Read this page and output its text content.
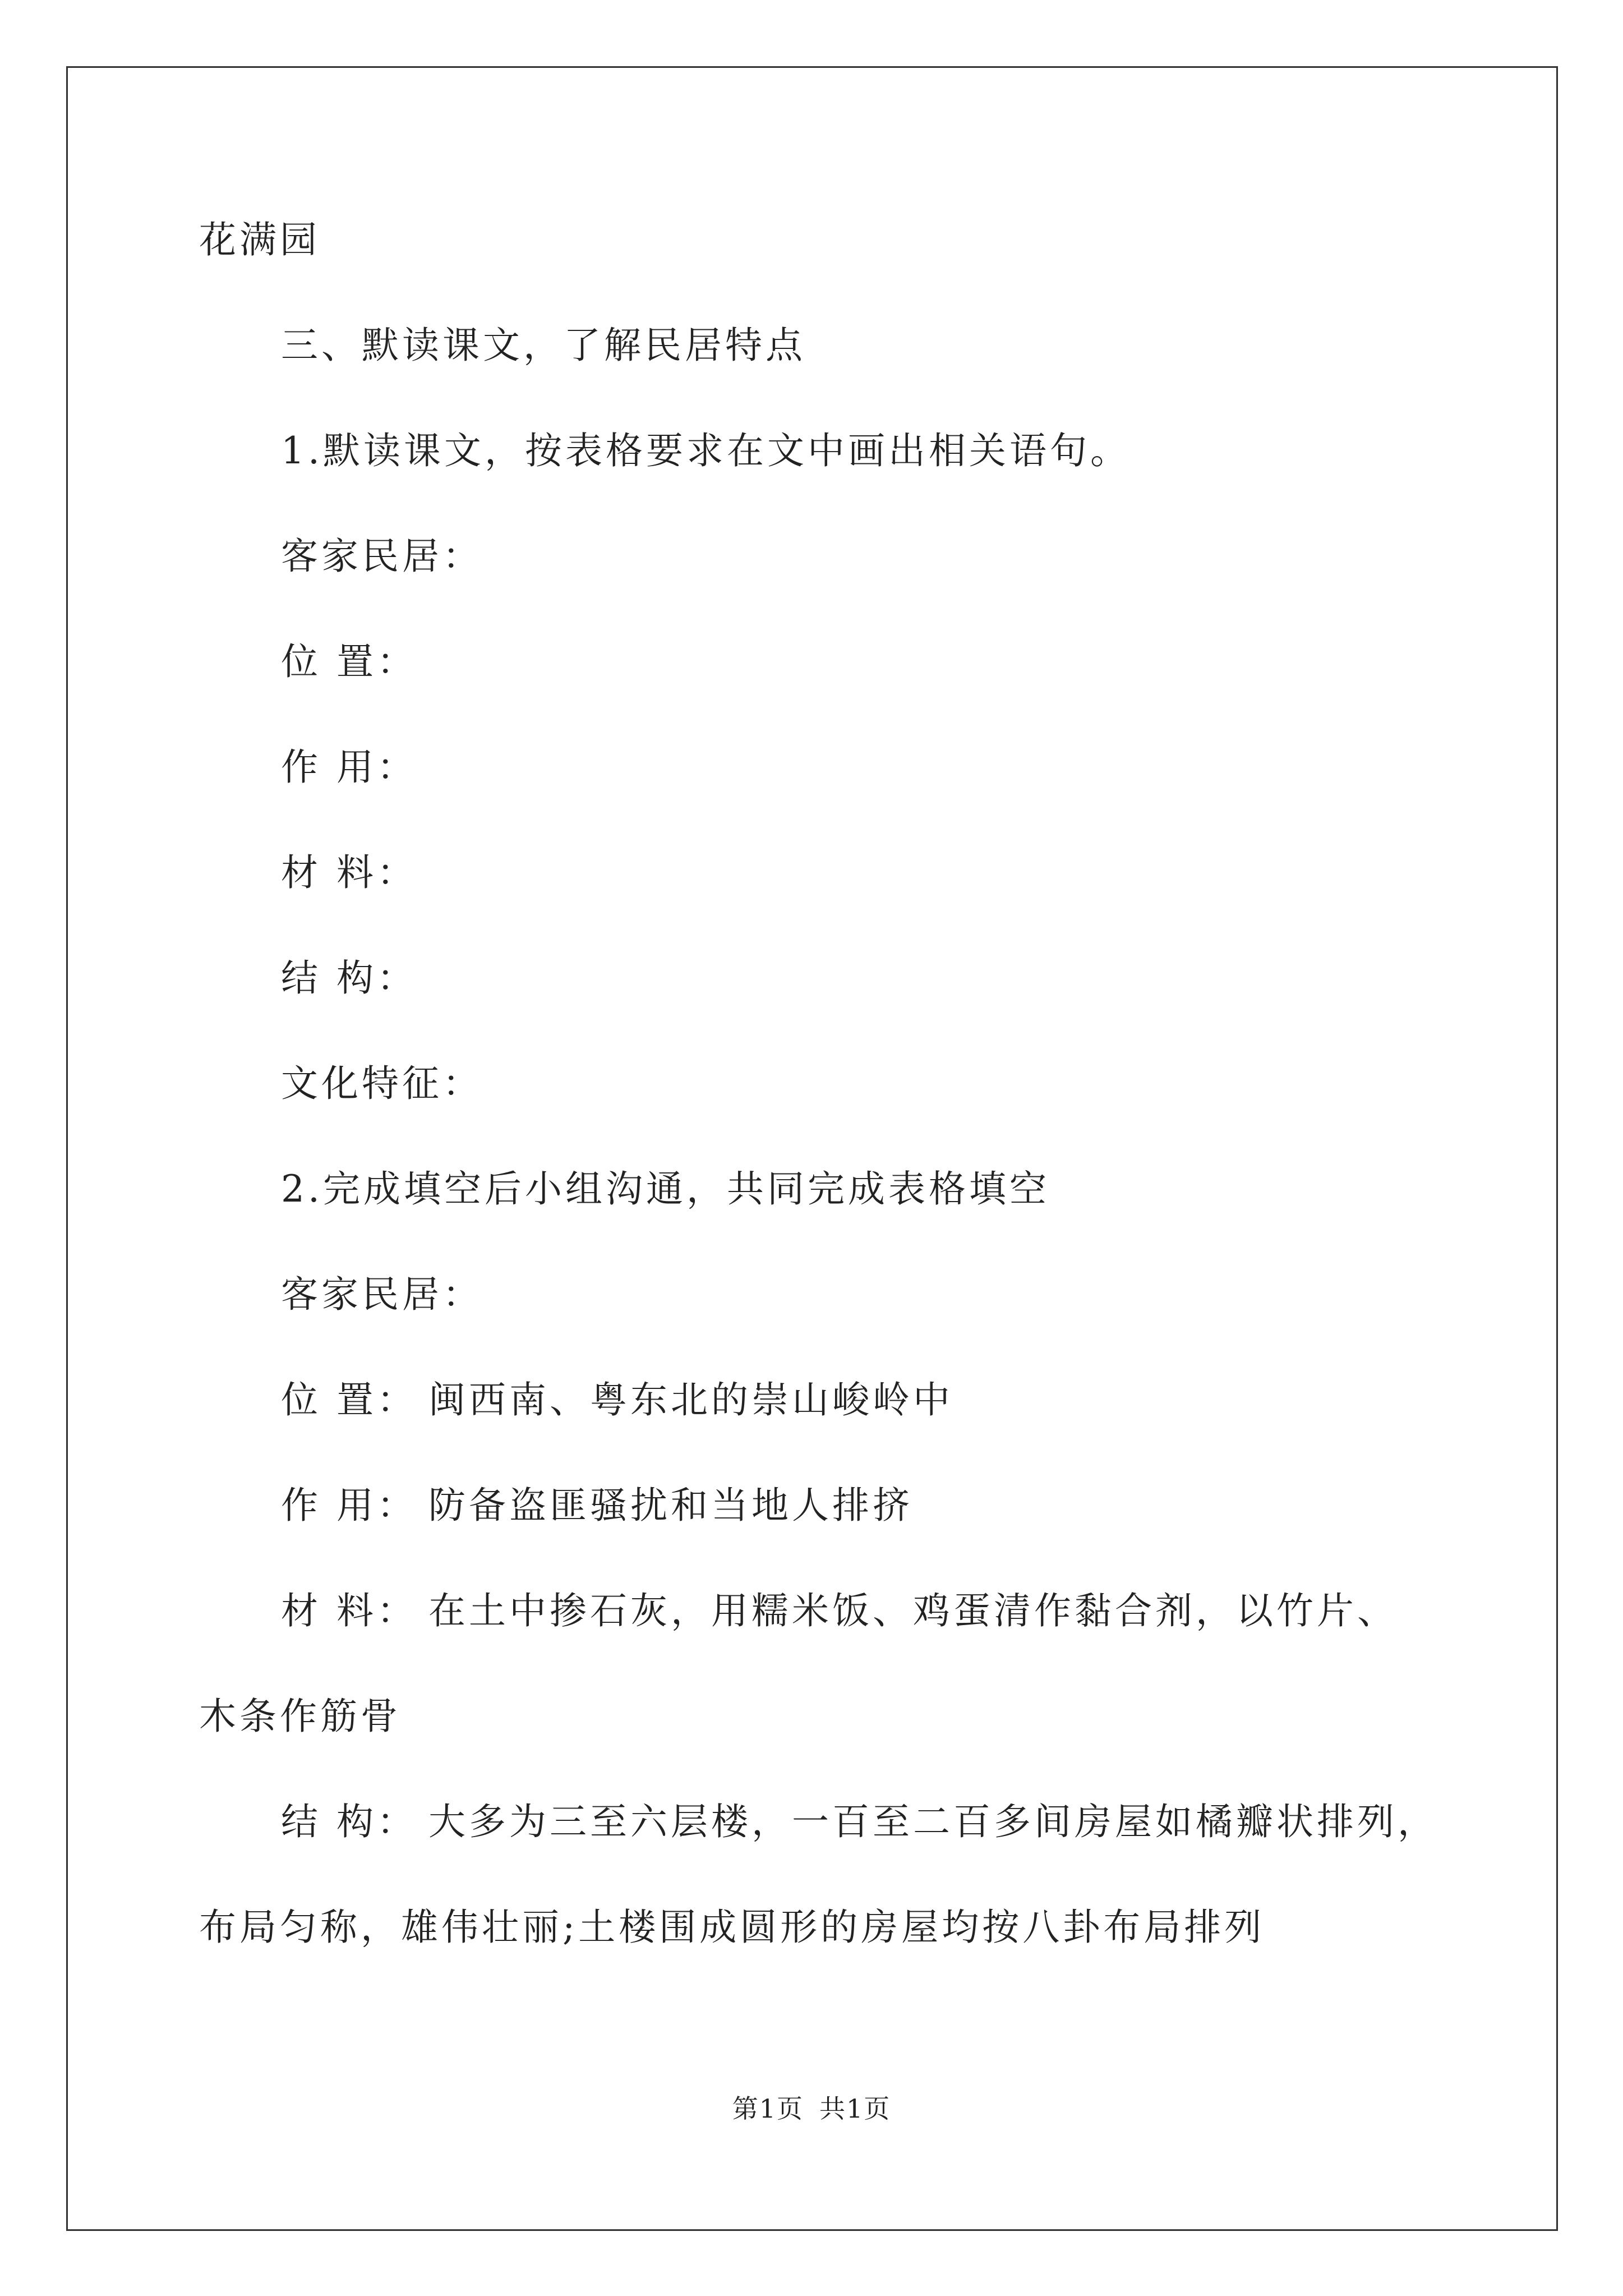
花满园
三、默读课文，了解民居特点
1.默读课文，按表格要求在文中画出相关语句。
客家民居：
位 置：
作 用：
材 料：
结 构：
文化特征：
2.完成填空后小组沟通，共同完成表格填空
客家民居：
位 置： 闽西南、粤东北的崇山峻岭中
作 用： 防备盗匪骚扰和当地人排挤
材 料： 在土中掺石灰，用糯米饭、鸡蛋清作黏合剂，以竹片、
木条作筋骨
结 构： 大多为三至六层楼，一百至二百多间房屋如橘瓣状排列，
布局匀称，雄伟壮丽;土楼围成圆形的房屋均按八卦布局排列
第1页 共1页
